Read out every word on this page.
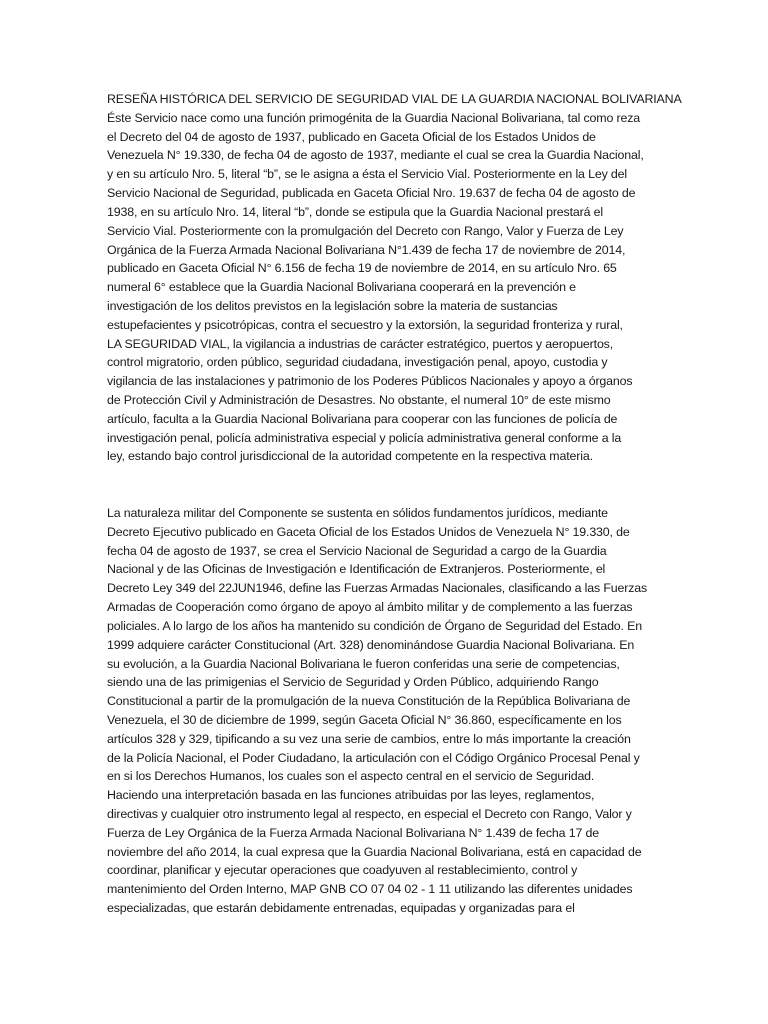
RESEÑA HISTÓRICA DEL SERVICIO DE SEGURIDAD VIAL DE LA GUARDIA NACIONAL BOLIVARIANA
Éste Servicio nace como una función primogénita de la Guardia Nacional Bolivariana, tal como reza
el Decreto del 04 de agosto de 1937, publicado en Gaceta Oficial de los Estados Unidos de
Venezuela N° 19.330, de fecha 04 de agosto de 1937, mediante el cual se crea la Guardia Nacional,
y en su artículo Nro. 5, literal “b”, se le asigna a ésta el Servicio Vial. Posteriormente en la Ley del
Servicio Nacional de Seguridad, publicada en Gaceta Oficial Nro. 19.637 de fecha 04 de agosto de
1938, en su artículo Nro. 14, literal “b”, donde se estipula que la Guardia Nacional prestará el
Servicio Vial. Posteriormente con la promulgación del Decreto con Rango, Valor y Fuerza de Ley
Orgánica de la Fuerza Armada Nacional Bolivariana N°1.439 de fecha 17 de noviembre de 2014,
publicado en Gaceta Oficial N° 6.156 de fecha 19 de noviembre de 2014, en su artículo Nro. 65
numeral 6° establece que la Guardia Nacional Bolivariana cooperará en la prevención e
investigación de los delitos previstos en la legislación sobre la materia de sustancias
estupefacientes y psicotrópicas, contra el secuestro y la extorsión, la seguridad fronteriza y rural,
LA SEGURIDAD VIAL, la vigilancia a industrias de carácter estratégico, puertos y aeropuertos,
control migratorio, orden público, seguridad ciudadana, investigación penal, apoyo, custodia y
vigilancia de las instalaciones y patrimonio de los Poderes Públicos Nacionales y apoyo a órganos
de Protección Civil y Administración de Desastres. No obstante, el numeral 10° de este mismo
artículo, faculta a la Guardia Nacional Bolivariana para cooperar con las funciones de policía de
investigación penal, policía administrativa especial y policía administrativa general conforme a la
ley, estando bajo control jurisdiccional de la autoridad competente en la respectiva materia.
La naturaleza militar del Componente se sustenta en sólidos fundamentos jurídicos, mediante
Decreto Ejecutivo publicado en Gaceta Oficial de los Estados Unidos de Venezuela N° 19.330, de
fecha 04 de agosto de 1937, se crea el Servicio Nacional de Seguridad a cargo de la Guardia
Nacional y de las Oficinas de Investigación e Identificación de Extranjeros. Posteriormente, el
Decreto Ley 349 del 22JUN1946, define las Fuerzas Armadas Nacionales, clasificando a las Fuerzas
Armadas de Cooperación como órgano de apoyo al ámbito militar y de complemento a las fuerzas
policiales. A lo largo de los años ha mantenido su condición de Órgano de Seguridad del Estado. En
1999 adquiere carácter Constitucional (Art. 328) denominándose Guardia Nacional Bolivariana. En
su evolución, a la Guardia Nacional Bolivariana le fueron conferidas una serie de competencias,
siendo una de las primigenias el Servicio de Seguridad y Orden Público, adquiriendo Rango
Constitucional a partir de la promulgación de la nueva Constitución de la República Bolivariana de
Venezuela, el 30 de diciembre de 1999, según Gaceta Oficial N° 36.860, específicamente en los
artículos 328 y 329, tipificando a su vez una serie de cambios, entre lo más importante la creación
de la Policía Nacional, el Poder Ciudadano, la articulación con el Código Orgánico Procesal Penal y
en si los Derechos Humanos, los cuales son el aspecto central en el servicio de Seguridad.
Haciendo una interpretación basada en las funciones atribuidas por las leyes, reglamentos,
directivas y cualquier otro instrumento legal al respecto, en especial el Decreto con Rango, Valor y
Fuerza de Ley Orgánica de la Fuerza Armada Nacional Bolivariana N° 1.439 de fecha 17 de
noviembre del año 2014, la cual expresa que la Guardia Nacional Bolivariana, está en capacidad de
coordinar, planificar y ejecutar operaciones que coadyuven al restablecimiento, control y
mantenimiento del Orden Interno, MAP GNB CO 07 04 02 - 1 11 utilizando las diferentes unidades
especializadas, que estarán debidamente entrenadas, equipadas y organizadas para el
